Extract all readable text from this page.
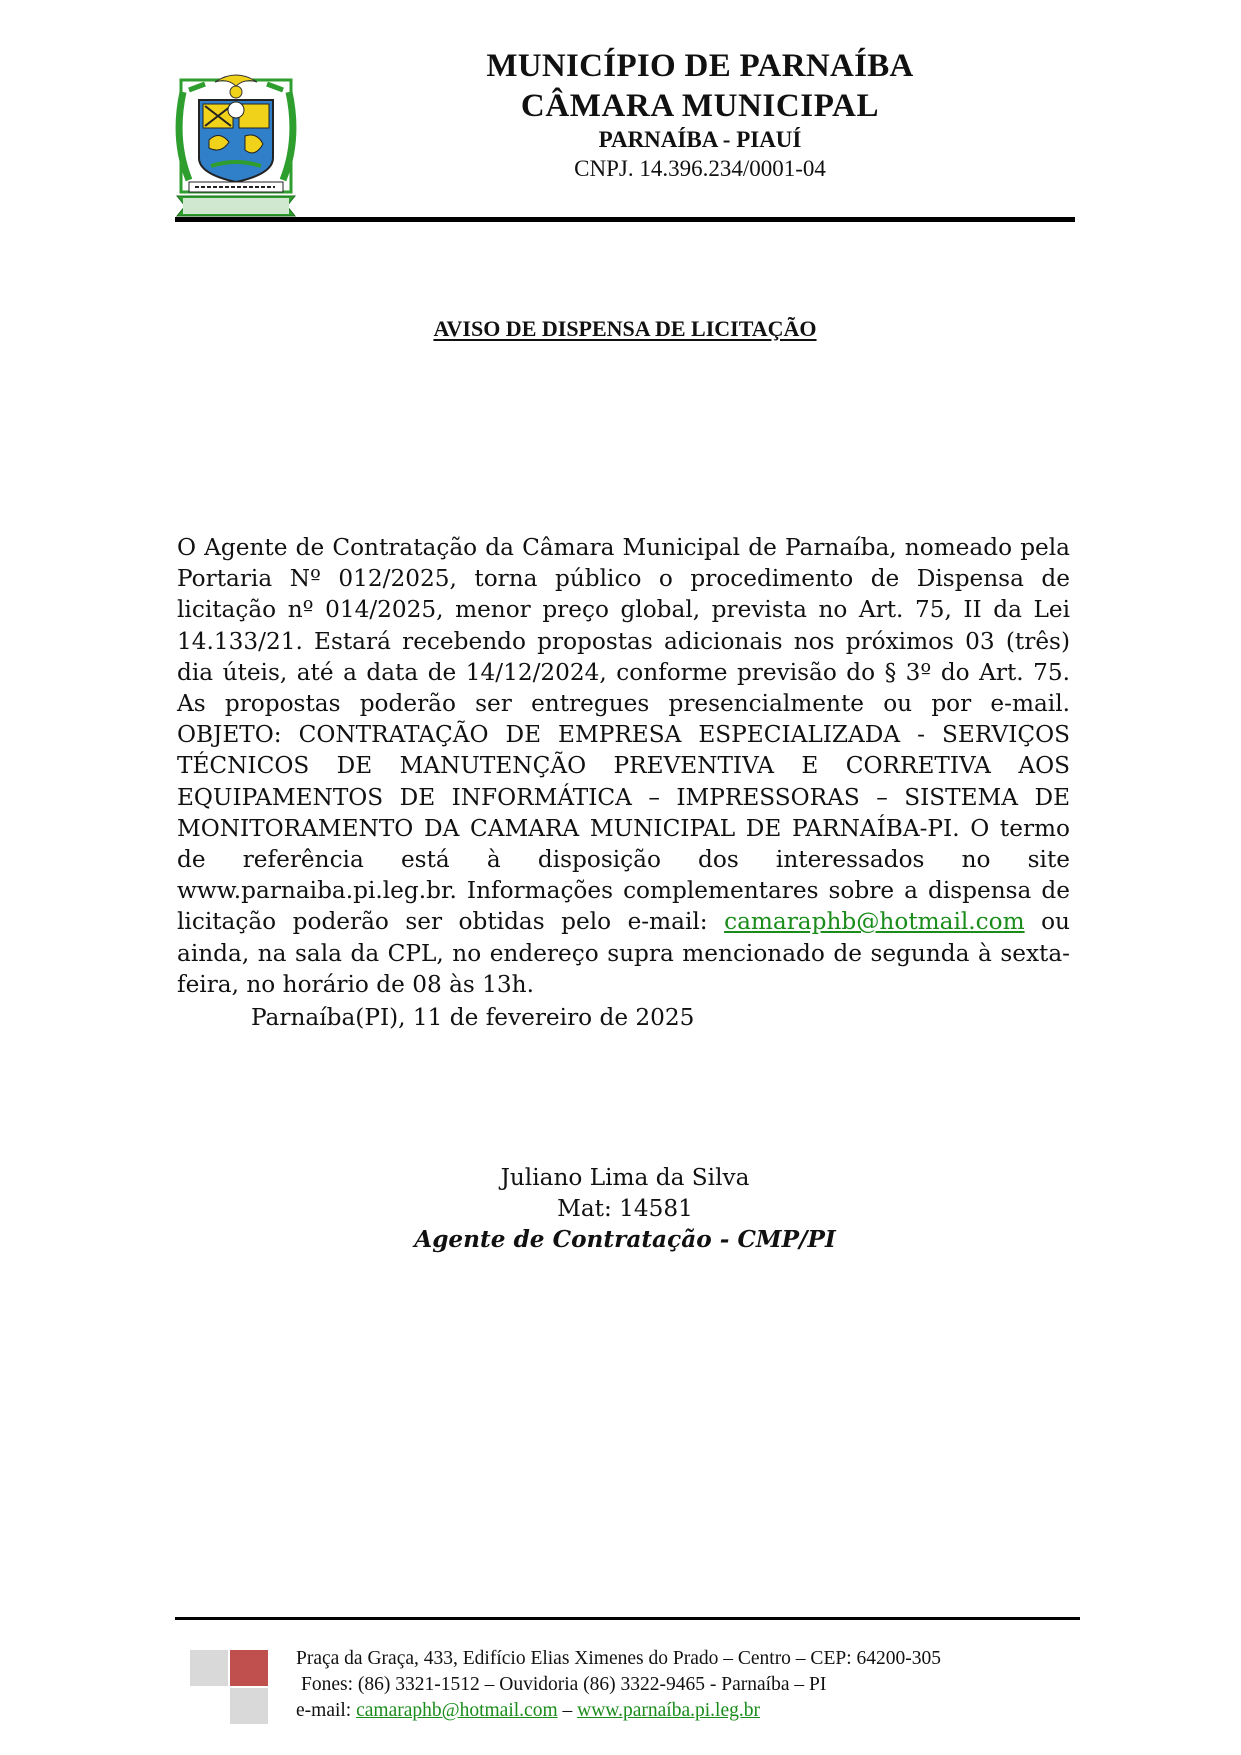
MUNICÍPIO DE PARNAÍBA
CÂMARA MUNICIPAL
PARNAÍBA - PIAUÍ
CNPJ. 14.396.234/0001-04
AVISO DE DISPENSA DE LICITAÇÃO
O Agente de Contratação da Câmara Municipal de Parnaíba, nomeado pela Portaria Nº 012/2025, torna público o procedimento de Dispensa de licitação nº 014/2025, menor preço global, prevista no Art. 75, II da Lei 14.133/21. Estará recebendo propostas adicionais nos próximos 03 (três) dia úteis, até a data de 14/12/2024, conforme previsão do § 3º do Art. 75. As propostas poderão ser entregues presencialmente ou por e-mail. OBJETO: CONTRATAÇÃO DE EMPRESA ESPECIALIZADA - SERVIÇOS TÉCNICOS DE MANUTENÇÃO PREVENTIVA E CORRETIVA AOS EQUIPAMENTOS DE INFORMÁTICA – IMPRESSORAS – SISTEMA DE MONITORAMENTO DA CAMARA MUNICIPAL DE PARNAÍBA-PI. O termo de referência está à disposição dos interessados no site www.parnaiba.pi.leg.br. Informações complementares sobre a dispensa de licitação poderão ser obtidas pelo e-mail: camaraphb@hotmail.com ou ainda, na sala da CPL, no endereço supra mencionado de segunda à sexta-feira, no horário de 08 às 13h.
Parnaíba(PI), 11 de fevereiro de 2025
Juliano Lima da Silva
Mat: 14581
Agente de Contratação - CMP/PI
Praça da Graça, 433, Edifício Elias Ximenes do Prado – Centro – CEP: 64200-305
Fones: (86) 3321-1512 – Ouvidoria (86) 3322-9465 - Parnaíba – PI
e-mail: camaraphb@hotmail.com – www.parnaíba.pi.leg.br
